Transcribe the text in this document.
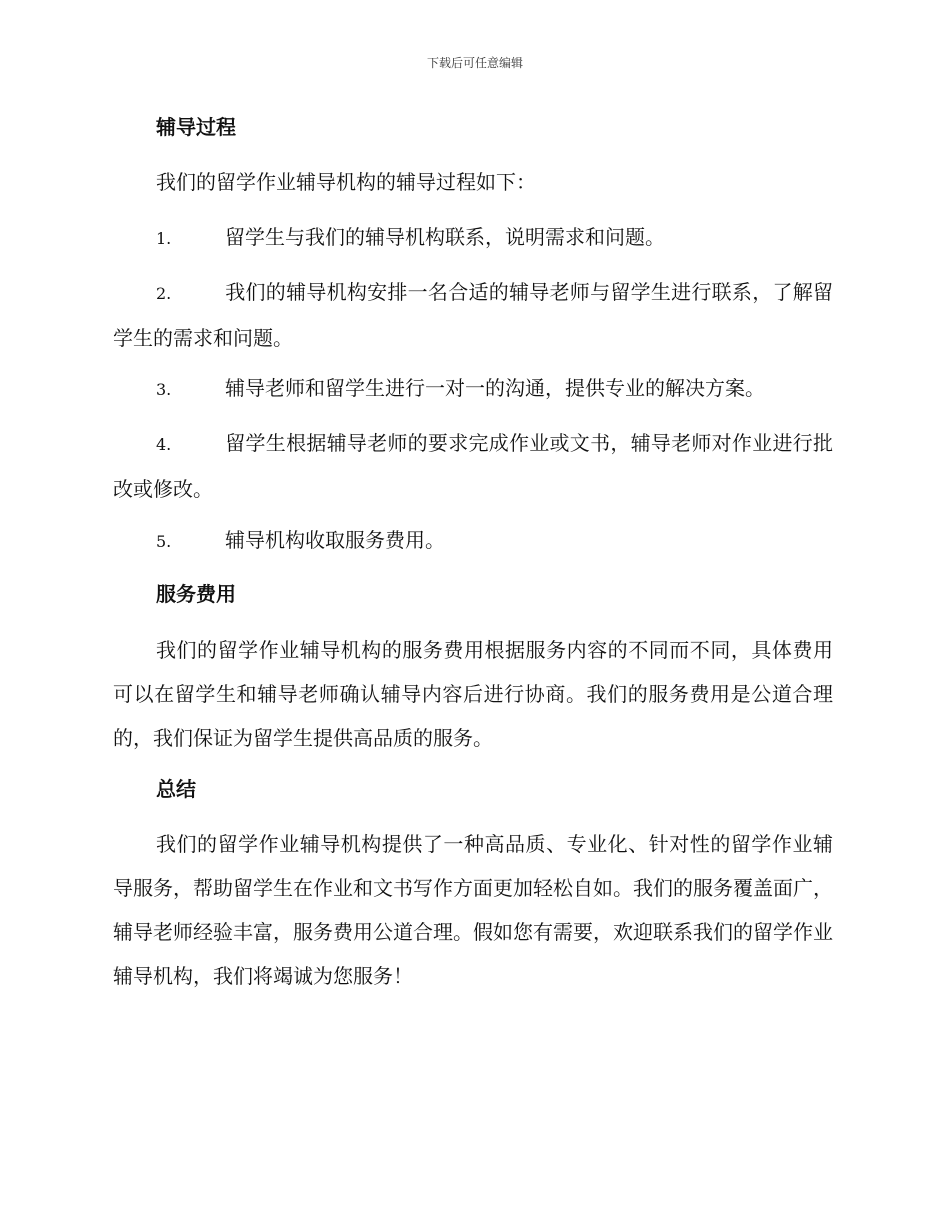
下载后可任意编辑
辅导过程

我们的留学作业辅导机构的辅导过程如下：

1.	留学生与我们的辅导机构联系，说明需求和问题。

2.	我们的辅导机构安排一名合适的辅导老师与留学生进行联系，了解留学生的需求和问题。

3.	辅导老师和留学生进行一对一的沟通，提供专业的解决方案。

4.	留学生根据辅导老师的要求完成作业或文书，辅导老师对作业进行批改或修改。

5.	辅导机构收取服务费用。

服务费用

我们的留学作业辅导机构的服务费用根据服务内容的不同而不同，具体费用可以在留学生和辅导老师确认辅导内容后进行协商。我们的服务费用是公道合理的，我们保证为留学生提供高品质的服务。

总结

我们的留学作业辅导机构提供了一种高品质、专业化、针对性的留学作业辅导服务，帮助留学生在作业和文书写作方面更加轻松自如。我们的服务覆盖面广，辅导老师经验丰富，服务费用公道合理。假如您有需要，欢迎联系我们的留学作业辅导机构，我们将竭诚为您服务！
